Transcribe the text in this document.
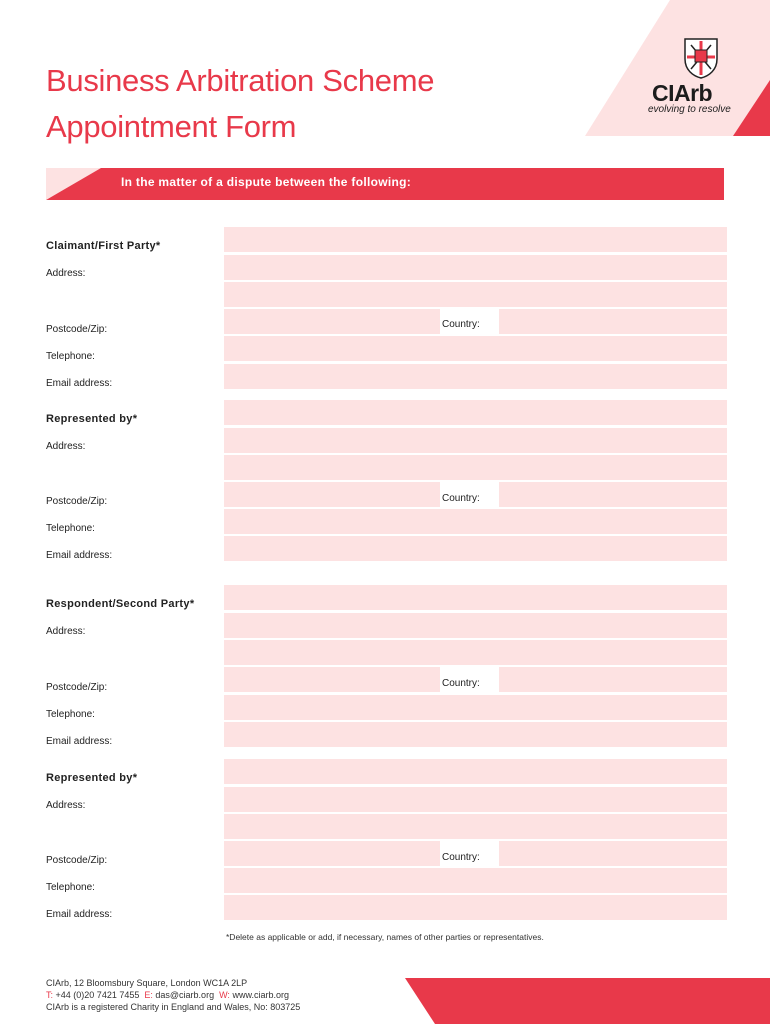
Business Arbitration Scheme
Appointment Form
CIArb
evolving to resolve
In the matter of a dispute between the following:
Claimant/First Party*
Address:
Postcode/Zip:	Country:
Telephone:
Email address:
Represented by*
Address:
Postcode/Zip:	Country:
Telephone:
Email address:
Respondent/Second Party*
Address:
Postcode/Zip:	Country:
Telephone:
Email address:
Represented by*
Address:
Postcode/Zip:	Country:
Telephone:
Email address:
*Delete as applicable or add, if necessary, names of other parties or representatives.
CIArb, 12 Bloomsbury Square, London WC1A 2LP
T: +44 (0)20 7421 7455 E: das@ciarb.org W: www.ciarb.org
CIArb is a registered Charity in England and Wales, No: 803725
